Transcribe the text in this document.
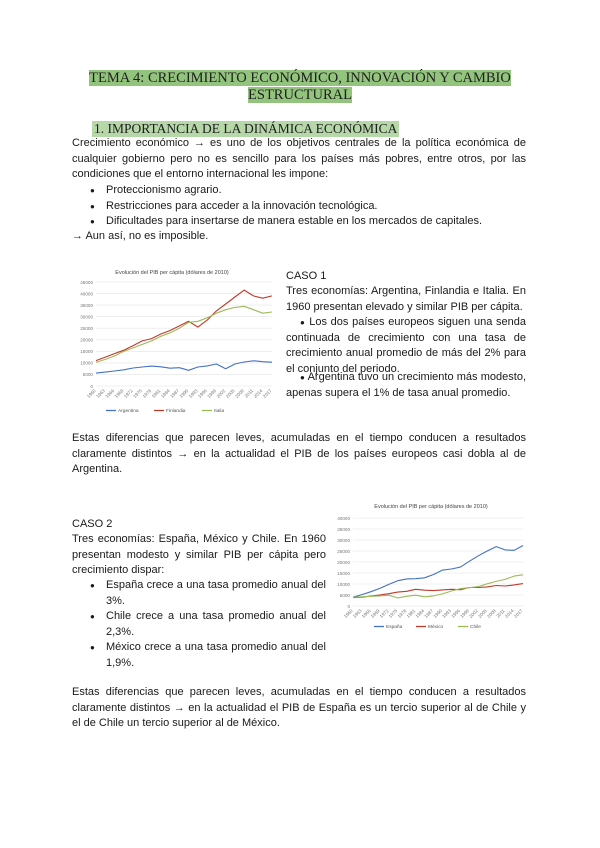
TEMA 4: CRECIMIENTO ECONÓMICO, INNOVACIÓN Y CAMBIO ESTRUCTURAL
1. IMPORTANCIA DE LA DINÁMICA ECONÓMICA
Crecimiento económico → es uno de los objetivos centrales de la política económica de cualquier gobierno pero no es sencillo para los países más pobres, entre otros, por las condiciones que el entorno internacional les impone:
● Proteccionismo agrario.
● Restricciones para acceder a la innovación tecnológica.
● Dificultades para insertarse de manera estable en los mercados de capitales.
→ Aun así, no es imposible.
Evolución del PIB per cápita (dólares de 2010)
45000
40000
35000
30000
25000
20000
15000
10000
5000
0
1960
1963
1966
1969
1972
1975
1978
1981
1984
1987
1990
1993
1996
1999
2002
2005
2008
2011
2014
2017
Argentina	Finlandia	Italia
CASO 1
Tres economías: Argentina, Finlandia e Italia. En 1960 presentan elevado y similar PIB per cápita.
● Los dos países europeos siguen una senda continuada de crecimiento con una tasa de crecimiento anual promedio de más del 2% para el conjunto del periodo.
● Argentina tuvo un crecimiento más modesto, apenas supera el 1% de tasa anual promedio.
Estas diferencias que parecen leves, acumuladas en el tiempo conducen a resultados claramente distintos → en la actualidad el PIB de los países europeos casi dobla al de Argentina.
CASO 2
Tres economías: España, México y Chile. En 1960 presentan modesto y similar PIB per cápita pero crecimiento dispar:
● España crece a una tasa promedio anual del 3%.
● Chile crece a una tasa promedio anual del 2,3%.
● México crece a una tasa promedio anual del 1,9%.
Evolución del PIB per cápita (dólares de 2010)
40000
35000
30000
25000
20000
15000
10000
5000
0
1960
1963
1966
1969
1972
1975
1978
1981
1984
1987
1990
1993
1996
1999
2002
2005
2008
2011
2014
2017
España	México	Chile
Estas diferencias que parecen leves, acumuladas en el tiempo conducen a resultados claramente distintos → en la actualidad el PIB de España es un tercio superior al de Chile y el de Chile un tercio superior al de México.
